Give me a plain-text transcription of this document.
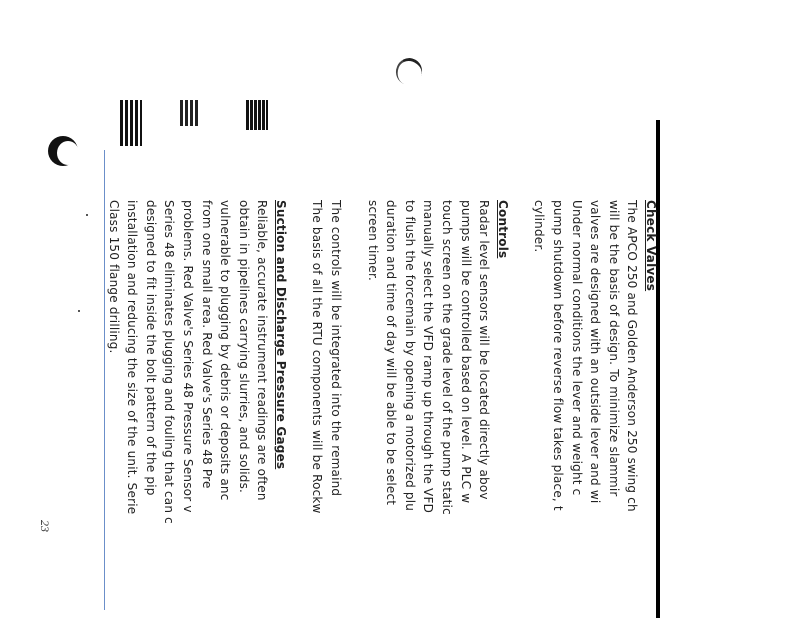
Check Valves

The APCO 250 and Golden Anderson 250 swing ch

will be the basis of design. To minimize slammir

valves are designed with an outside lever and wi

Under normal conditions the lever and weight c

pump shutdown before reverse flow takes place, t

cylinder.

Controls

Radar level sensors will be located directly abov

pumps will be controlled based on level. A PLC w

touch screen on the grade level of the pump static

manually select the VFD ramp up through the VFD

to flush the forcemain by opening a motorized plu

duration and time of day will be able to be select

screen timer.

The controls will be integrated into the remaind

The basis of all the RTU components will be Rockw

Suction and Discharge Pressure Gages

Reliable, accurate instrument readings are often

obtain in pipelines carrying slurries, and solids.

vulnerable to plugging by debris or deposits anc

from one small area. Red Valve's Series 48 Pre

problems. Red Valve's Series 48 Pressure Sensor v

Series 48 eliminates plugging and fouling that can c

designed to fit inside the bolt pattern of the pip

installation and reducing the size of the unit. Serie

Class 150 flange drilling.

23
